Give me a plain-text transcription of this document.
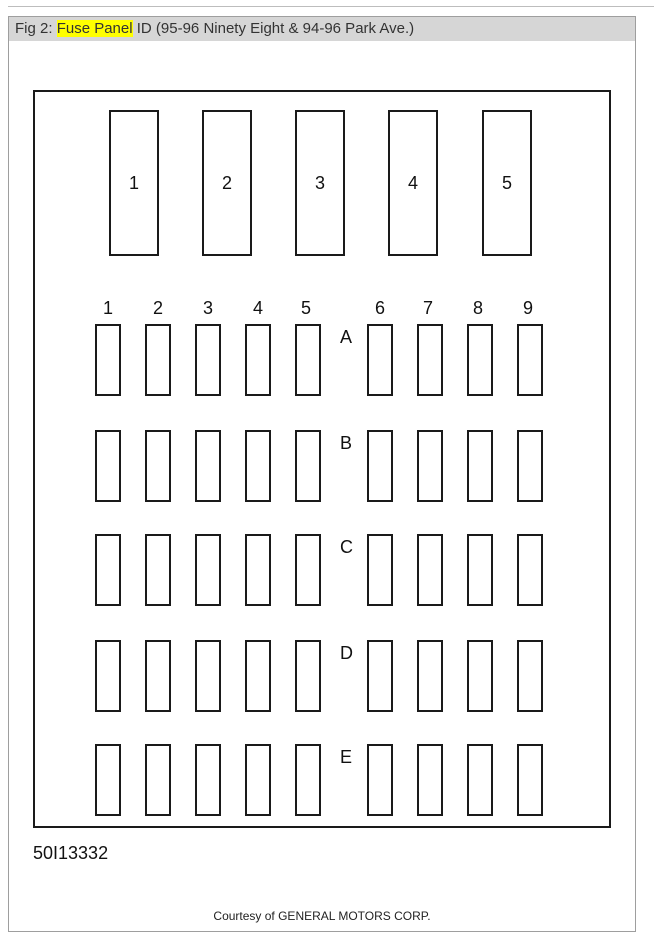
Fig 2: Fuse Panel ID (95-96 Ninety Eight & 94-96 Park Ave.)
1	2	3	4	5
1 2 3 4 5	6 7 8 9
A
B
C
D
E
50I13332
Courtesy of GENERAL MOTORS CORP.
